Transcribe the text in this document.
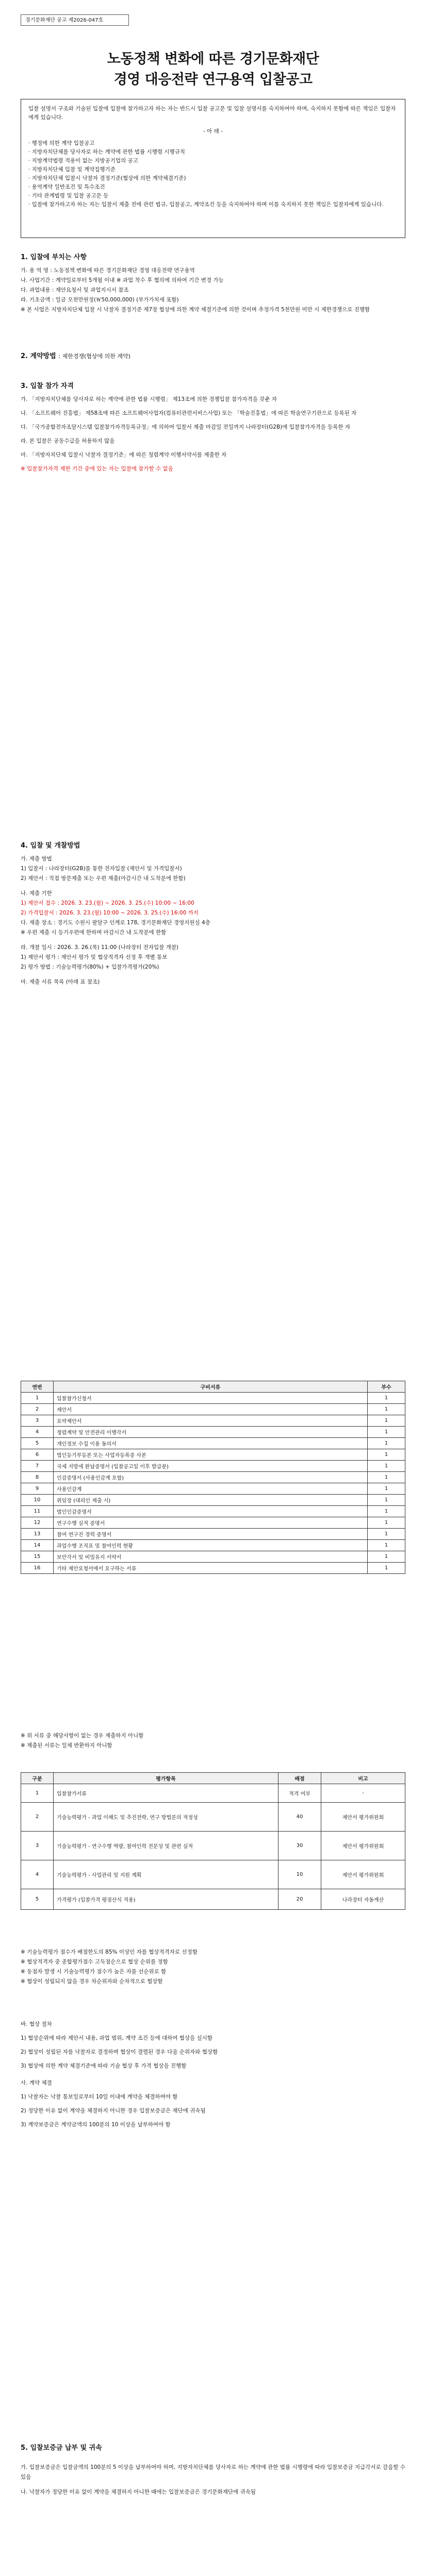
경기문화재단 공고 제2026-047호
노동정책 변화에 따른 경기문화재단
경영 대응전략 연구용역 입찰공고
입찰 설명서 구조와 기술된 입찰에 입찰에 참가하고자 하는 자는 반드시 입찰 공고문 및 입찰 설명서를 숙지하여야 하며, 숙지하지 못함에 따른 책임은 입찰자에게 있습니다.
- 아 래 -
· 행정에 의한 계약 입찰공고
· 지방자치단체를 당사자로 하는 계약에 관한 법률 시행령 시행규칙
· 지방계약법령 적용이 없는 지방공기업의 공고
· 지방자치단체 입찰 및 계약집행기준
· 지방자치단체 입찰시 낙찰자 결정기준(협상에 의한 계약체결기준)
· 용역계약 일반조건 및 특수조건
· 기타 관계법령 및 입찰 공고문 등
· 입찰에 참가하고자 하는 자는 입찰서 제출 전에 관련 법규, 입찰공고, 계약조건 등을 숙지하여야 하며 이를 숙지하지 못한 책임은 입찰자에게 있습니다.
1. 입찰에 부치는 사항
가. 용 역 명 : 노동정책 변화에 따른 경기문화재단 경영 대응전략 연구용역
나. 사업기간 : 계약일로부터 5개월 이내 ※ 과업 착수 후 협의에 의하여 기간 변경 가능
다. 과업내용 : 제안요청서 및 과업지시서 참조
라. 기초금액 : 일금 오천만원정(￦50,000,000) (부가가치세 포함)
※ 본 사업은 지방자치단체 입찰 시 낙찰자 결정기준 제7장 협상에 의한 계약 체결기준에 의한 것이며 추정가격 5천만원 미만 시 제한경쟁으로 진행함
2. 계약방법 : 제한경쟁(협상에 의한 계약)
3. 입찰 참가 자격
가. 「지방자치단체를 당사자로 하는 계약에 관한 법률 시행령」 제13조에 의한 경쟁입찰 참가자격을 갖춘 자
나. 「소프트웨어 진흥법」 제58조에 따른 소프트웨어사업자(컴퓨터관련서비스사업) 또는 「학술진흥법」에 따른 학술연구기관으로 등록된 자
다. 「국가종합전자조달시스템 입찰참가자격등록규정」에 의하여 입찰서 제출 마감일 전일까지 나라장터(G2B)에 입찰참가자격을 등록한 자
라. 본 입찰은 공동수급을 허용하지 않음
마. 「지방자치단체 입찰시 낙찰자 결정기준」에 따른 청렴계약 이행서약서를 제출한 자
※ 입찰참가자격 제한 기간 중에 있는 자는 입찰에 참가할 수 없음
4. 입찰 및 개찰방법
가. 제출 방법
1) 입찰서 : 나라장터(G2B)를 통한 전자입찰 (제안서 및 가격입찰서)
2) 제안서 : 직접 방문제출 또는 우편 제출(마감시간 내 도착분에 한함)
나. 제출 기한
1) 제안서 접수 : 2026. 3. 23.(월) ~ 2026. 3. 25.(수) 10:00 ~ 16:00
2) 가격입찰서 : 2026. 3. 23.(월) 10:00 ~ 2026. 3. 25.(수) 16:00 까지
다. 제출 장소 : 경기도 수원시 팔달구 인계로 178, 경기문화재단 경영지원실 4층
※ 우편 제출 시 등기우편에 한하며 마감시간 내 도착분에 한함
라. 개찰 일시 : 2026. 3. 26.(목) 11:00 (나라장터 전자입찰 개찰)
1) 제안서 평가 : 제안서 평가 및 협상적격자 선정 후 개별 통보
2) 평가 방법 : 기술능력평가(80%) + 입찰가격평가(20%)
마. 제출 서류 목록 (아래 표 참조)
연번	구비서류	부수
1	입찰참가신청서	1
2	제안서	1
3	요약제안서	1
4	청렴계약 및 안전관리 이행각서	1
5	개인정보 수집 이용 동의서	1
6	법인등기부등본 또는 사업자등록증 사본	1
7	국세 지방세 완납증명서 (입찰공고일 이후 발급분)	1
8	인감증명서 (사용인감계 포함)	1
9	사용인감계	1
10	위임장 (대리인 제출 시)	1
11	법인인감증명서	1
12	연구수행 실적 증명서	1
13	참여 연구진 경력 증명서	1
14	과업수행 조직표 및 참여인력 현황	1
15	보안각서 및 비밀유지 서약서	1
16	기타 제안요청서에서 요구하는 서류	1
※ 위 서류 중 해당사항이 없는 경우 제출하지 아니함
※ 제출된 서류는 일체 반환하지 아니함
구분	평가항목	배점	비고
1	입찰참가서류	적격 여부	-
2	기술능력평가 - 과업 이해도 및 추진전략, 연구 방법론의 적정성	40	제안서 평가위원회
3	기술능력평가 - 연구수행 역량, 참여인력 전문성 및 관련 실적	30	제안서 평가위원회
4	기술능력평가 - 사업관리 및 지원 계획	10	제안서 평가위원회
5	가격평가 (입찰가격 평점산식 적용)	20	나라장터 자동계산
※ 기술능력평가 점수가 배점한도의 85% 이상인 자를 협상적격자로 선정함
※ 협상적격자 중 종합평가점수 고득점순으로 협상 순위를 정함
※ 동점자 발생 시 기술능력평가 점수가 높은 자를 선순위로 함
※ 협상이 성립되지 않을 경우 차순위자와 순차적으로 협상함
바. 협상 절차
1) 협상순위에 따라 제안서 내용, 과업 범위, 계약 조건 등에 대하여 협상을 실시함
2) 협상이 성립된 자를 낙찰자로 결정하며 협상이 결렬된 경우 다음 순위자와 협상함
3) 협상에 의한 계약 체결기준에 따라 기술 협상 후 가격 협상을 진행함
사. 계약 체결
1) 낙찰자는 낙찰 통보일로부터 10일 이내에 계약을 체결하여야 함
2) 정당한 이유 없이 계약을 체결하지 아니한 경우 입찰보증금은 재단에 귀속됨
3) 계약보증금은 계약금액의 100분의 10 이상을 납부하여야 함
5. 입찰보증금 납부 및 귀속
가. 입찰보증금은 입찰금액의 100분의 5 이상을 납부하여야 하며, 지방자치단체를 당사자로 하는 계약에 관한 법률 시행령에 따라 입찰보증금 지급각서로 갈음할 수 있음
나. 낙찰자가 정당한 이유 없이 계약을 체결하지 아니한 때에는 입찰보증금은 경기문화재단에 귀속됨
